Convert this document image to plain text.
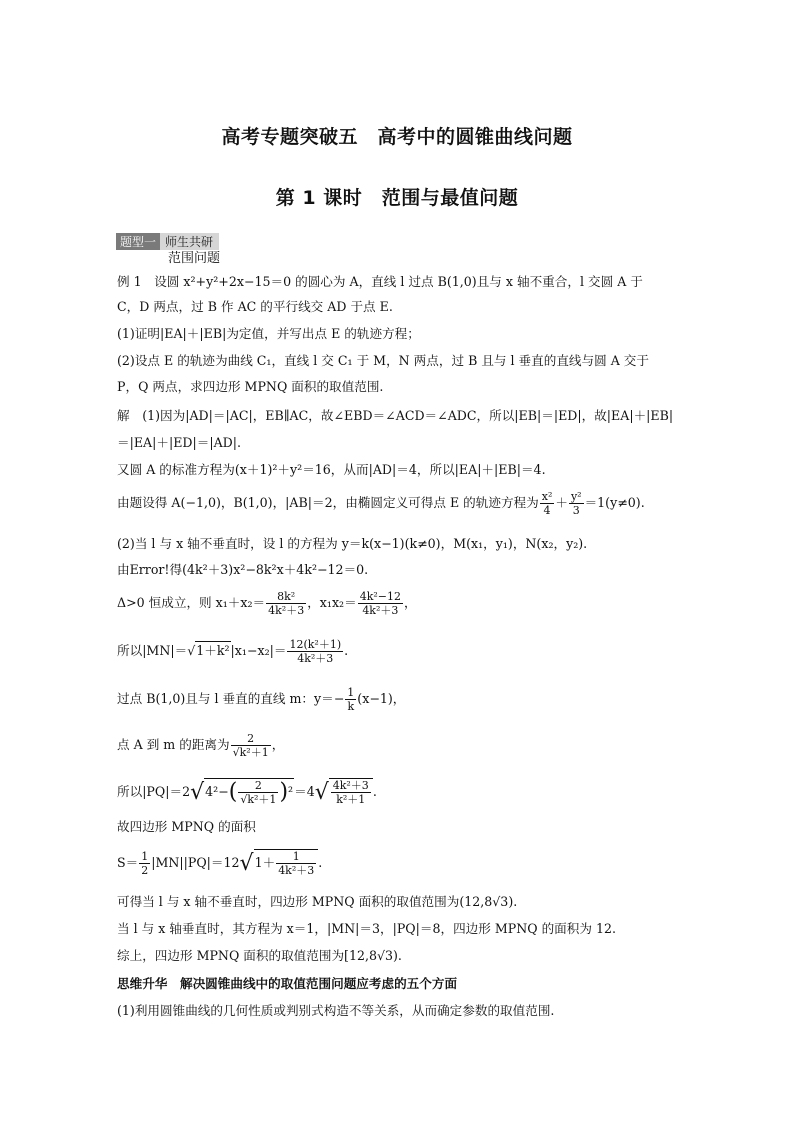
高考专题突破五　高考中的圆锥曲线问题
第 1 课时　范围与最值问题
题型一 师生共研
范围问题
例 1　设圆 x²+y²+2x−15＝0 的圆心为 A，直线 l 过点 B(1,0)且与 x 轴不重合，l 交圆 A 于
C，D 两点，过 B 作 AC 的平行线交 AD 于点 E.
(1)证明|EA|＋|EB|为定值，并写出点 E 的轨迹方程；
(2)设点 E 的轨迹为曲线 C₁，直线 l 交 C₁ 于 M，N 两点，过 B 且与 l 垂直的直线与圆 A 交于
P，Q 两点，求四边形 MPNQ 面积的取值范围.
解　(1)因为|AD|＝|AC|，EB∥AC，故∠EBD＝∠ACD＝∠ADC，所以|EB|＝|ED|，故|EA|＋|EB|
＝|EA|＋|ED|＝|AD|.
又圆 A 的标准方程为(x＋1)²＋y²＝16，从而|AD|＝4，所以|EA|＋|EB|＝4.
由题设得 A(−1,0)，B(1,0)，|AB|＝2，由椭圆定义可得点 E 的轨迹方程为 $\frac{\text{x²}}{4} + \frac{\text{y²}}{3} =1(y\ne 0)$.
(2)当 l 与 x 轴不垂直时，设 l 的方程为 y＝k(x−1)(k≠0)，M(x₁，y₁)，N(x₂，y₂).
由Error!得(4k²＋3)x²−8k²x＋4k²−12＝0.
Δ>0 恒成立，则 $x_1+x_2= \frac{\text{8k²}}{\text{4k²＋3}}$ ，$x_1x_2= \frac{\text{4k²−12}}{\text{4k²＋3}}$ ，
所以|MN|＝√ $1+k^2|x_1-x_2|= \frac{\text{12(k²＋1)}}{\text{4k²＋3}}$ .
过点 B(1,0)且与 l 垂直的直线 m：$y=- \frac{1}{k} (x-1)$，
点 A 到 m 的距离为 $\frac{2}{\text{√k²＋1}}$ ，
所以|PQ|＝2√ $4^2-( \frac{2}{\text{√k²＋1}} )^2=4√ \frac{\text{4k²＋3}}{\text{k²＋1}}$ .
故四边形 MPNQ 的面积
$S= \frac{1}{2} |MN||PQ|=12√$ $1+ \frac{1}{\text{4k²＋3}}$ .
可得当 l 与 x 轴不垂直时，四边形 MPNQ 面积的取值范围为(12,8√3).
当 l 与 x 轴垂直时，其方程为 x＝1，|MN|＝3，|PQ|＝8，四边形 MPNQ 的面积为 12.
综上，四边形 MPNQ 面积的取值范围为[12,8√3).
思维升华　解决圆锥曲线中的取值范围问题应考虑的五个方面
(1)利用圆锥曲线的几何性质或判别式构造不等关系，从而确定参数的取值范围.
